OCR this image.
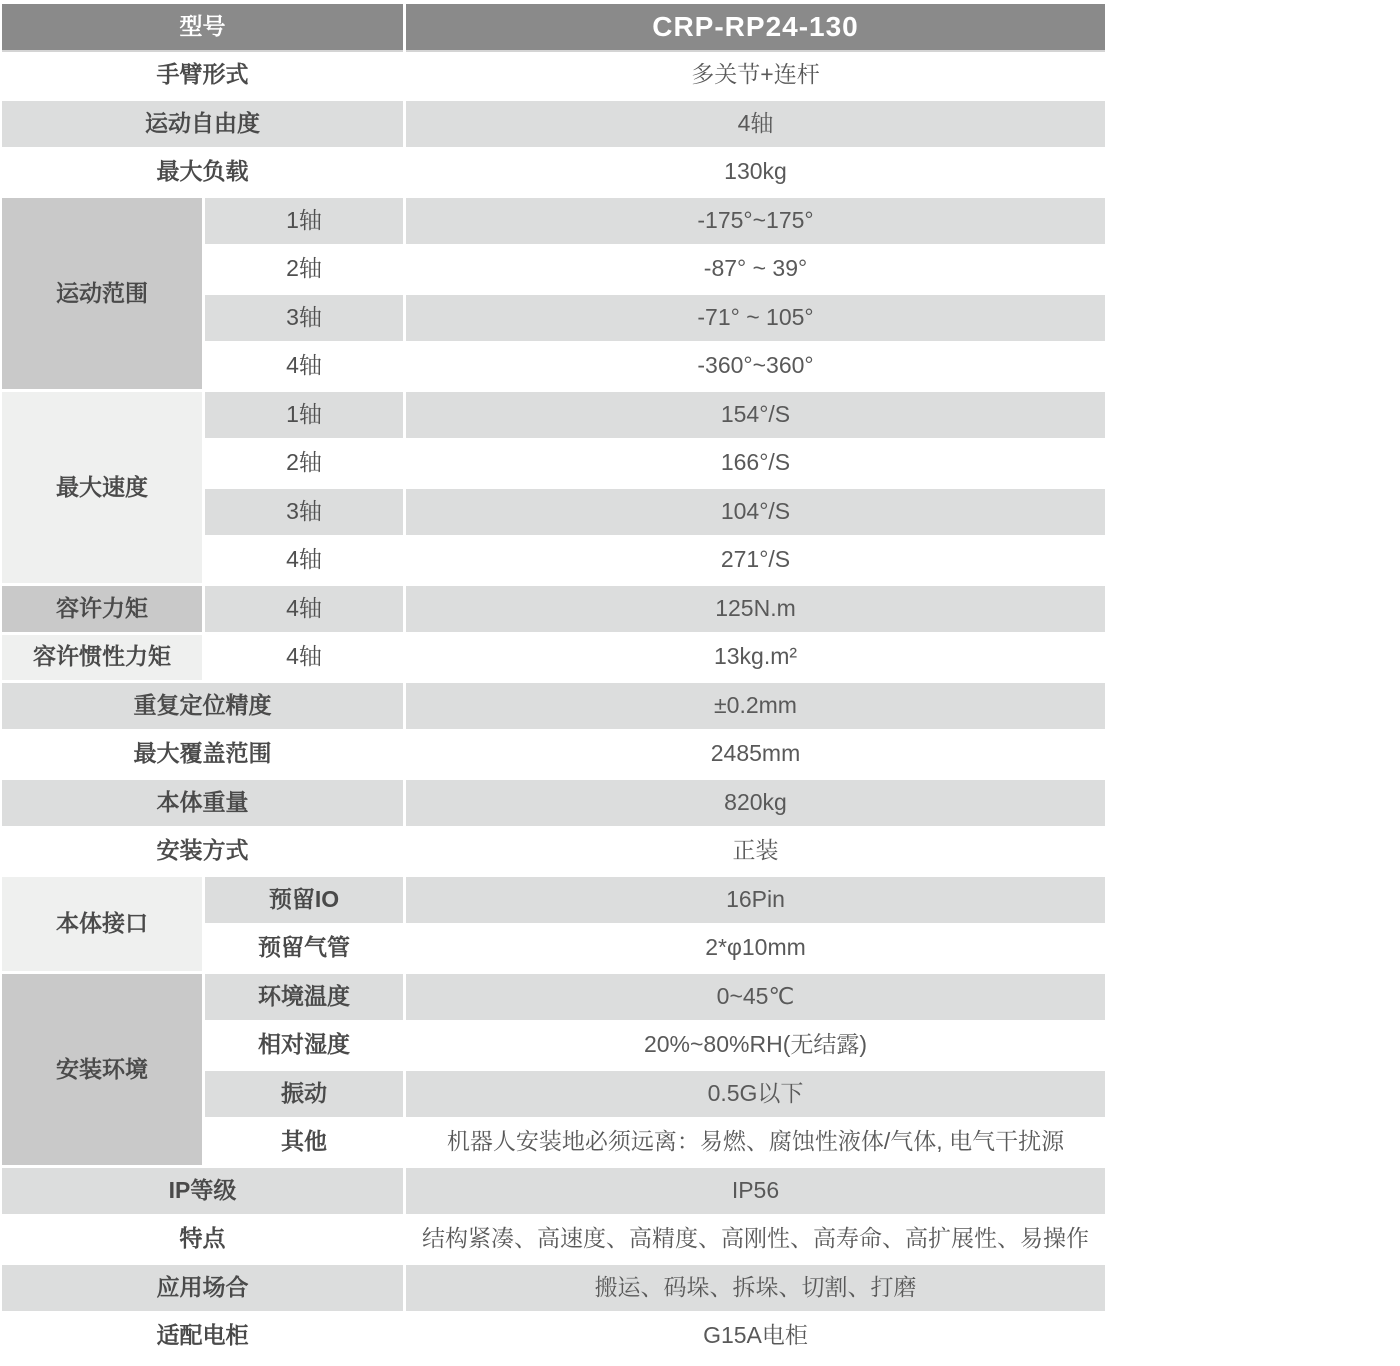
型号	CRP-RP24-130
手臂形式	多关节+连杆
运动自由度	4轴
最大负载	130kg
运动范围
1轴	-175°~175°
2轴	-87° ~ 39°
3轴	-71° ~ 105°
4轴	-360°~360°
最大速度
1轴	154°/S
2轴	166°/S
3轴	104°/S
4轴	271°/S
容许力矩	4轴	125N.m
容许惯性力矩	4轴	13kg.m²
重复定位精度	±0.2mm
最大覆盖范围	2485mm
本体重量	820kg
安装方式	正装
本体接口
预留IO	16Pin
预留气管	2*φ10mm
安装环境
环境温度	0~45℃
相对湿度	20%~80%RH(无结露)
振动	0.5G以下
其他	机器人安装地必须远离：易燃、腐蚀性液体/气体, 电气干扰源
IP等级	IP56
特点	结构紧凑、高速度、高精度、高刚性、高寿命、高扩展性、易操作
应用场合	搬运、码垛、拆垛、切割、打磨
适配电柜	G15A电柜
